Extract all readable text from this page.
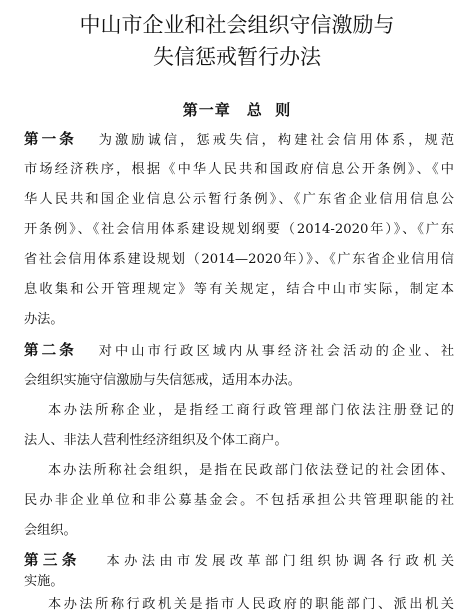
中山市企业和社会组织守信激励与
失信惩戒暂行办法
第一章 总  则
第一条 为激励诚信，惩戒失信，构建社会信用体系，规范
市场经济秩序，根据《中华人民共和国政府信息公开条例》、《中
华人民共和国企业信息公示暂行条例》、《广东省企业信用信息公
开条例》、《社会信用体系建设规划纲要（2014-2020年）》、《广东
省社会信用体系建设规划（2014—2020年）》、《广东省企业信用信
息收集和公开管理规定》等有关规定，结合中山市实际，制定本
办法。
第二条 对中山市行政区域内从事经济社会活动的企业、社
会组织实施守信激励与失信惩戒，适用本办法。
本办法所称企业，是指经工商行政管理部门依法注册登记的
法人、非法人营利性经济组织及个体工商户。
本办法所称社会组织，是指在民政部门依法登记的社会团体、
民办非企业单位和非公募基金会。不包括承担公共管理职能的社
会组织。
第三条 本办法由市发展改革部门组织协调各行政机关
实施。
本办法所称行政机关是指市人民政府的职能部门、派出机关
